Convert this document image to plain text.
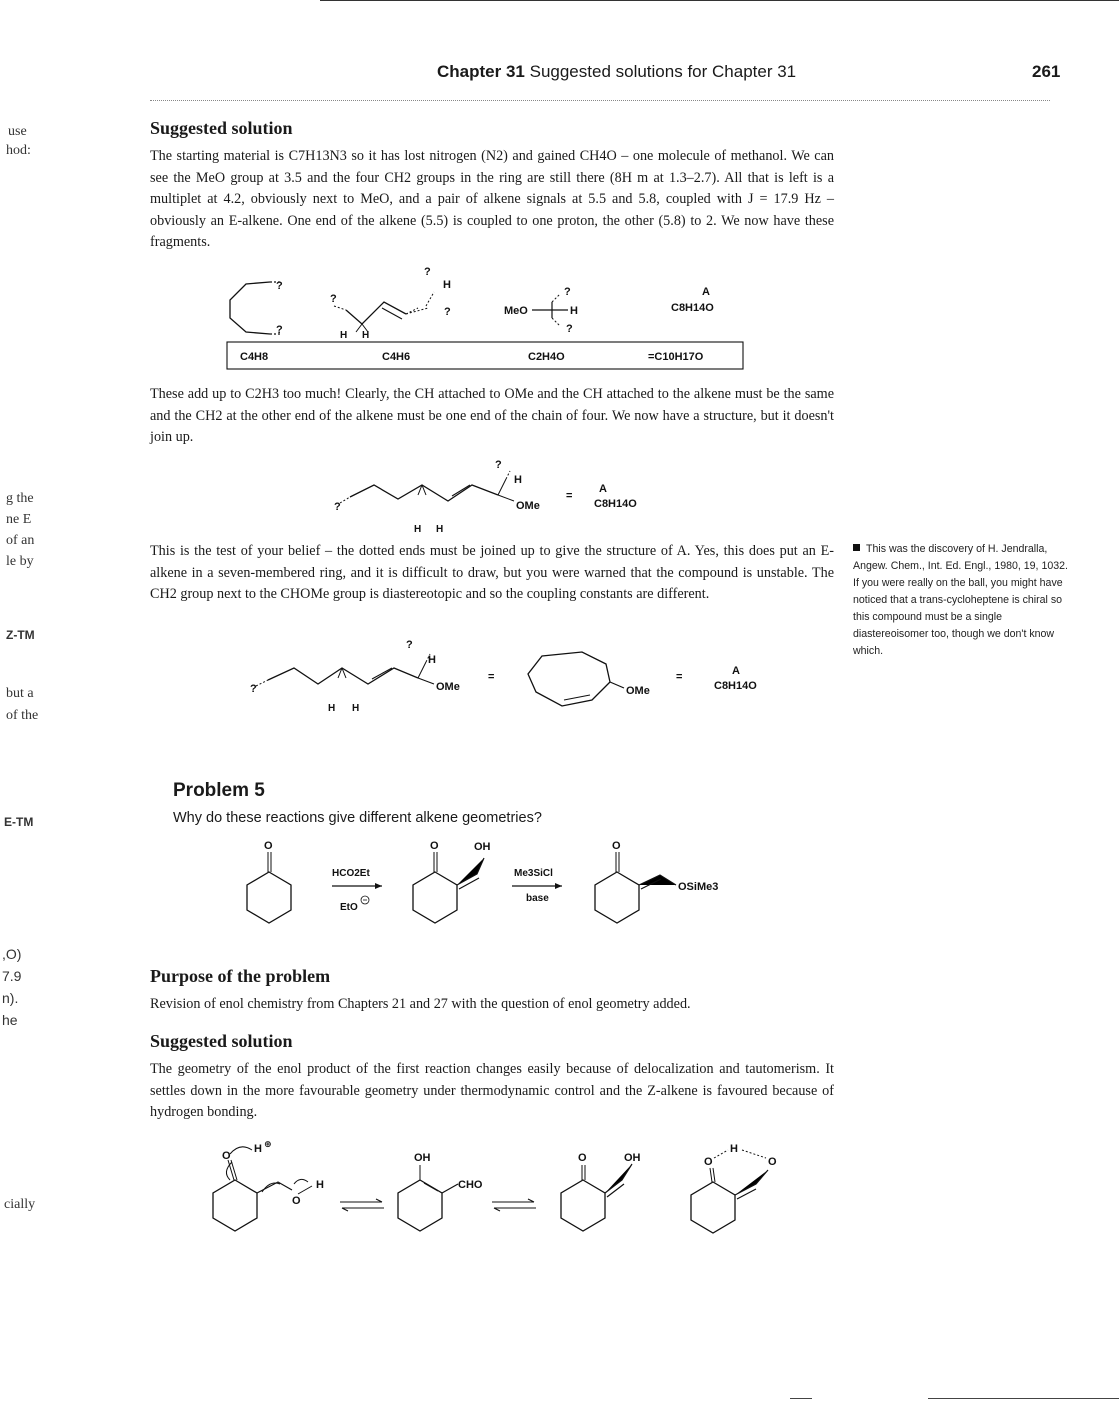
Chapter 31 Suggested solutions for Chapter 31	261
use
hod:
g the
ne E
of an
le by
Z-TM
but a
of the
E-TM
,O)
7.9
n).
he
cially
Suggested solution

The starting material is C7H13N3 so it has lost nitrogen (N2) and gained CH4O – one molecule of methanol. We can see the MeO group at 3.5 and the four CH2 groups in the ring are still there (8H m at 1.3–2.7). All that is left is a multiplet at 4.2, obviously next to MeO, and a pair of alkene signals at 5.5 and 5.8, coupled with J = 17.9 Hz – obviously an E-alkene. One end of the alkene (5.5) is coupled to one proton, the other (5.8) to 2. We now have these fragments.

?
?
?
?
H
?
H H
MeO
?
H
?
A
C8H14O
C4H8	C4H6	C2H4O	=C10H17O

These add up to C2H3 too much! Clearly, the CH attached to OMe and the CH attached to the alkene must be the same and the CH2 at the other end of the alkene must be one end of the chain of four. We now have a structure, but it doesn't join up.

?
?
H
OMe
H H
=
A
C8H14O

This is the test of your belief – the dotted ends must be joined up to give the structure of A. Yes, this does put an E-alkene in a seven-membered ring, and it is difficult to draw, but you were warned that the compound is unstable. The CH2 group next to the CHOMe group is diastereotopic and so the coupling constants are different.

This was the discovery of H. Jendralla, Angew. Chem., Int. Ed. Engl., 1980, 19, 1032. If you were really on the ball, you might have noticed that a trans-cycloheptene is chiral so this compound must be a single diastereoisomer too, though we don't know which.
?
?
H
OMe
H H
=
OMe
=	A
C8H14O
Problem 5
Why do these reactions give different alkene geometries?
O
HCO2Et
EtO
O	OH
Me3SiCl
base
O
OSiMe3
Purpose of the problem

Revision of enol chemistry from Chapters 21 and 27 with the question of enol geometry added.

Suggested solution

The geometry of the enol product of the first reaction changes easily because of delocalization and tautomerism. It settles down in the more favourable geometry under thermodynamic control and the Z-alkene is favoured because of hydrogen bonding.

H ⊕
O
O
H
OH
CHO
O	OH
H
O	O
